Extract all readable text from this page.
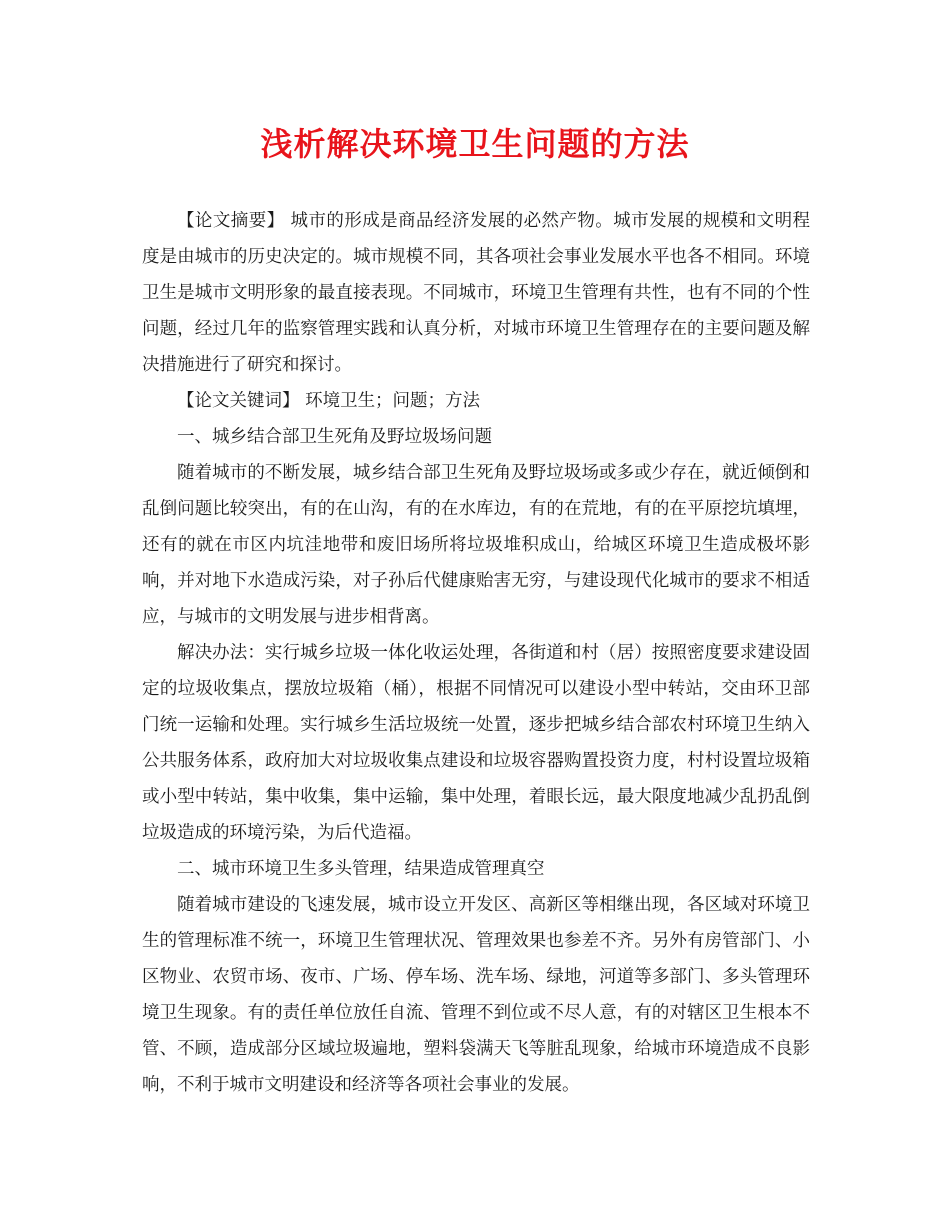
浅析解决环境卫生问题的方法

【论文摘要】 城市的形成是商品经济发展的必然产物。城市发展的规模和文明程度是由城市的历史决定的。城市规模不同，其各项社会事业发展水平也各不相同。环境卫生是城市文明形象的最直接表现。不同城市，环境卫生管理有共性，也有不同的个性问题，经过几年的监察管理实践和认真分析，对城市环境卫生管理存在的主要问题及解决措施进行了研究和探讨。

【论文关键词】 环境卫生；问题；方法

一、城乡结合部卫生死角及野垃圾场问题

随着城市的不断发展，城乡结合部卫生死角及野垃圾场或多或少存在，就近倾倒和乱倒问题比较突出，有的在山沟，有的在水库边，有的在荒地，有的在平原挖坑填埋，还有的就在市区内坑洼地带和废旧场所将垃圾堆积成山，给城区环境卫生造成极坏影响，并对地下水造成污染，对子孙后代健康贻害无穷，与建设现代化城市的要求不相适应，与城市的文明发展与进步相背离。

解决办法：实行城乡垃圾一体化收运处理，各街道和村（居）按照密度要求建设固定的垃圾收集点，摆放垃圾箱（桶），根据不同情况可以建设小型中转站，交由环卫部门统一运输和处理。实行城乡生活垃圾统一处置，逐步把城乡结合部农村环境卫生纳入公共服务体系，政府加大对垃圾收集点建设和垃圾容器购置投资力度，村村设置垃圾箱或小型中转站，集中收集，集中运输，集中处理，着眼长远，最大限度地减少乱扔乱倒垃圾造成的环境污染，为后代造福。

二、城市环境卫生多头管理，结果造成管理真空

随着城市建设的飞速发展，城市设立开发区、高新区等相继出现，各区域对环境卫生的管理标准不统一，环境卫生管理状况、管理效果也参差不齐。另外有房管部门、小区物业、农贸市场、夜市、广场、停车场、洗车场、绿地，河道等多部门、多头管理环境卫生现象。有的责任单位放任自流、管理不到位或不尽人意，有的对辖区卫生根本不管、不顾，造成部分区域垃圾遍地，塑料袋满天飞等脏乱现象，给城市环境造成不良影响，不利于城市文明建设和经济等各项社会事业的发展。
